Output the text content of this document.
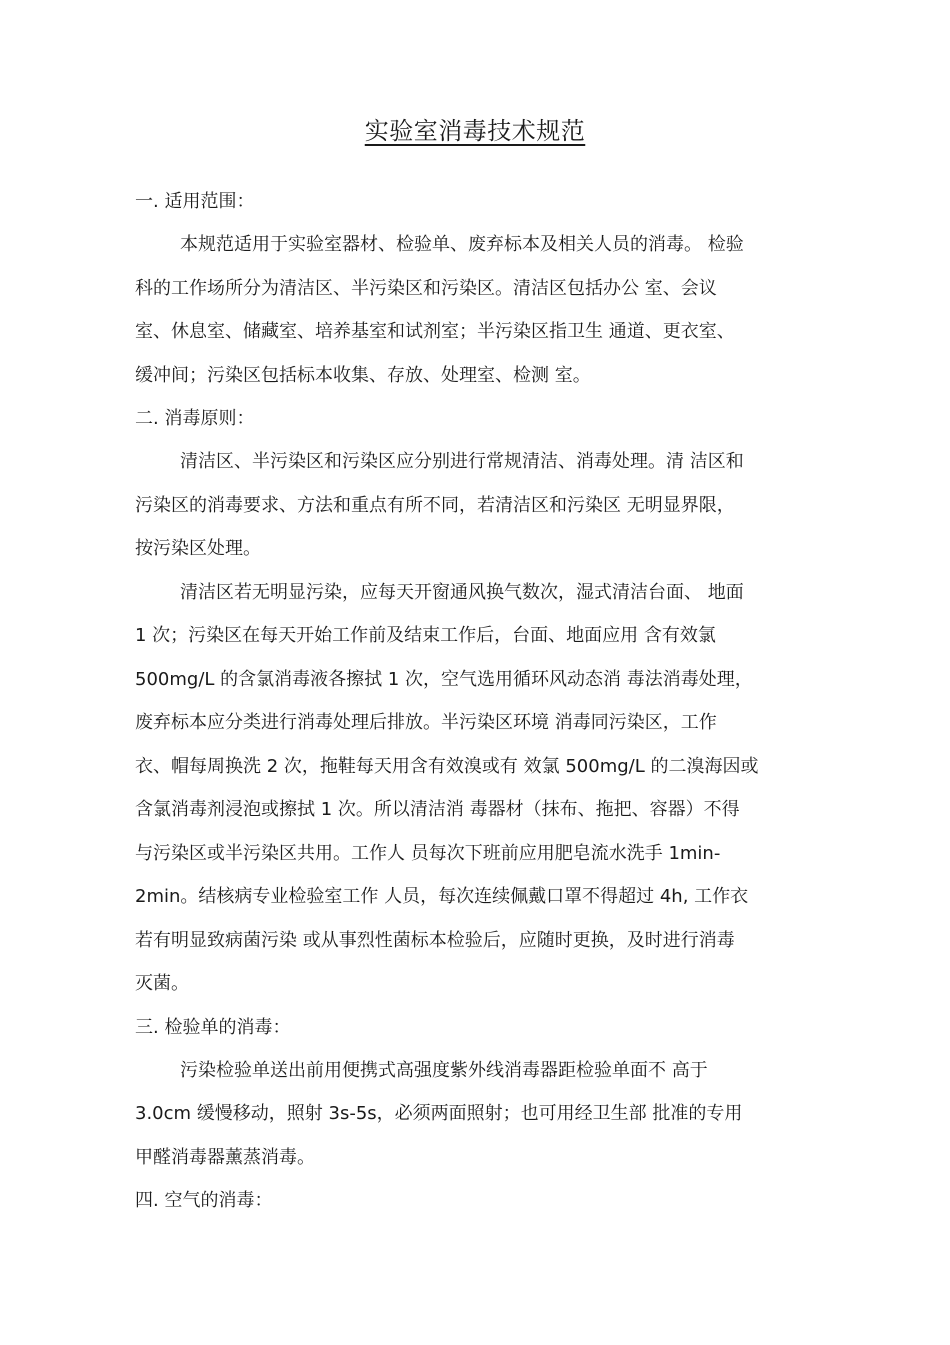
实验室消毒技术规范
一. 适用范围：
本规范适用于实验室器材、检验单、废弃标本及相关人员的消毒。 检验
科的工作场所分为清洁区、半污染区和污染区。清洁区包括办公 室、会议
室、休息室、储藏室、培养基室和试剂室；半污染区指卫生 通道、更衣室、
缓冲间；污染区包括标本收集、存放、处理室、检测 室。
二. 消毒原则：
清洁区、半污染区和污染区应分别进行常规清洁、消毒处理。清 洁区和
污染区的消毒要求、方法和重点有所不同，若清洁区和污染区 无明显界限，
按污染区处理。
清洁区若无明显污染，应每天开窗通风换气数次，湿式清洁台面、 地面
1 次；污染区在每天开始工作前及结束工作后，台面、地面应用 含有效氯
500mg/L 的含氯消毒液各擦拭 1 次，空气选用循环风动态消 毒法消毒处理，
废弃标本应分类进行消毒处理后排放。半污染区环境 消毒同污染区，工作
衣、帽每周换洗 2 次，拖鞋每天用含有效溴或有 效氯 500mg/L 的二溴海因或
含氯消毒剂浸泡或擦拭 1 次。所以清洁消 毒器材（抹布、拖把、容器）不得
与污染区或半污染区共用。工作人 员每次下班前应用肥皂流水洗手 1min-
2min。结核病专业检验室工作 人员，每次连续佩戴口罩不得超过 4h, 工作衣
若有明显致病菌污染 或从事烈性菌标本检验后，应随时更换，及时进行消毒
灭菌。
三. 检验单的消毒：
污染检验单送出前用便携式高强度紫外线消毒器距检验单面不 高于
3.0cm 缓慢移动，照射 3s-5s，必须两面照射；也可用经卫生部 批准的专用
甲醛消毒器薰蒸消毒。
四. 空气的消毒：
